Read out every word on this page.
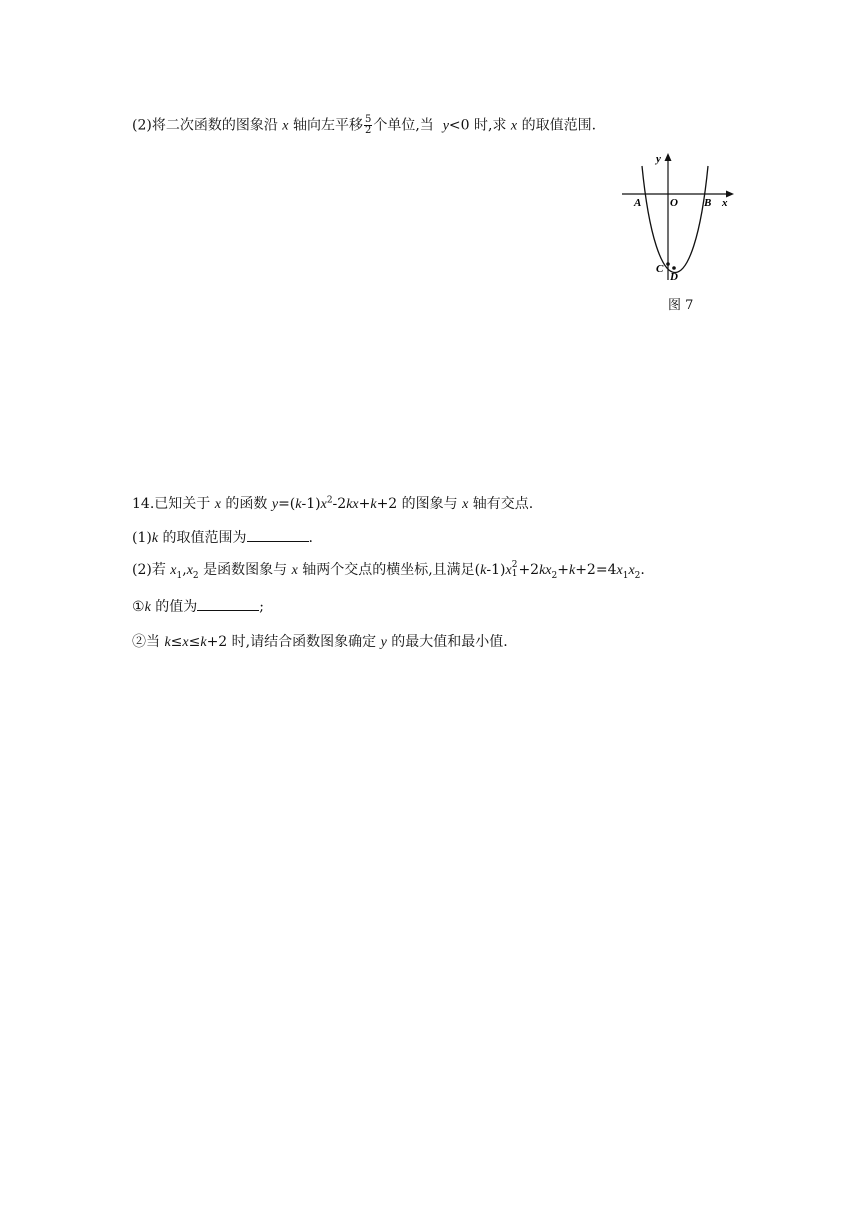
(2)将二次函数的图象沿 x 轴向左平移 $\frac{5}{2}$ 个单位,当 y<0 时,求 x 的取值范围.
y
x
A	O B
C
D
图 7
14.已知关于 x 的函数 $y=(k-1)x^2-2kx+k+2$ 的图象与 x 轴有交点.
(1)k 的取值范围为	.
(2)若 $x_1,x_2$ 是函数图象与 x 轴两个交点的横坐标,且满足(k-1)x 2
$1 +2kx_2+k+2=4x_1x_2$.
①k 的值为	;
②当 k≤x≤k+2 时,请结合函数图象确定 y 的最大值和最小值.
